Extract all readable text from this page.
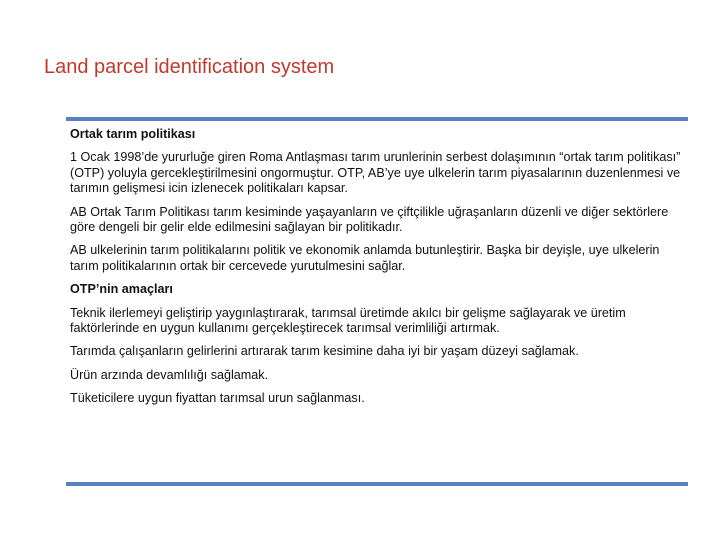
Land parcel identification system

Ortak tarım politikası

1 Ocak 1998’de yururluğe giren Roma Antlaşması tarım urunlerinin serbest dolaşımının “ortak tarım politikası” (OTP) yoluyla gercekleştirilmesini ongormuştur. OTP, AB’ye uye ulkelerin tarım piyasalarının duzenlenmesi ve tarımın gelişmesi icin izlenecek politikaları kapsar.

AB Ortak Tarım Politikası tarım kesiminde yaşayanların ve çiftçilikle uğraşanların düzenli ve diğer sektörlere göre dengeli bir gelir elde edilmesini sağlayan bir politikadır.

AB ulkelerinin tarım politikalarını politik ve ekonomik anlamda butunleştirir. Başka bir deyişle, uye ulkelerin tarım politikalarının ortak bir cercevede yurutulmesini sağlar.

OTP’nin amaçları

Teknik ilerlemeyi geliştirip yaygınlaştırarak, tarımsal üretimde akılcı bir gelişme sağlayarak ve üretim faktörlerinde en uygun kullanımı gerçekleştirecek tarımsal verimliliği artırmak.

Tarımda çalışanların gelirlerini artırarak tarım kesimine daha iyi bir yaşam düzeyi sağlamak.

Ürün arzında devamlılığı sağlamak.

Tüketicilere uygun fiyattan tarımsal urun sağlanması.
